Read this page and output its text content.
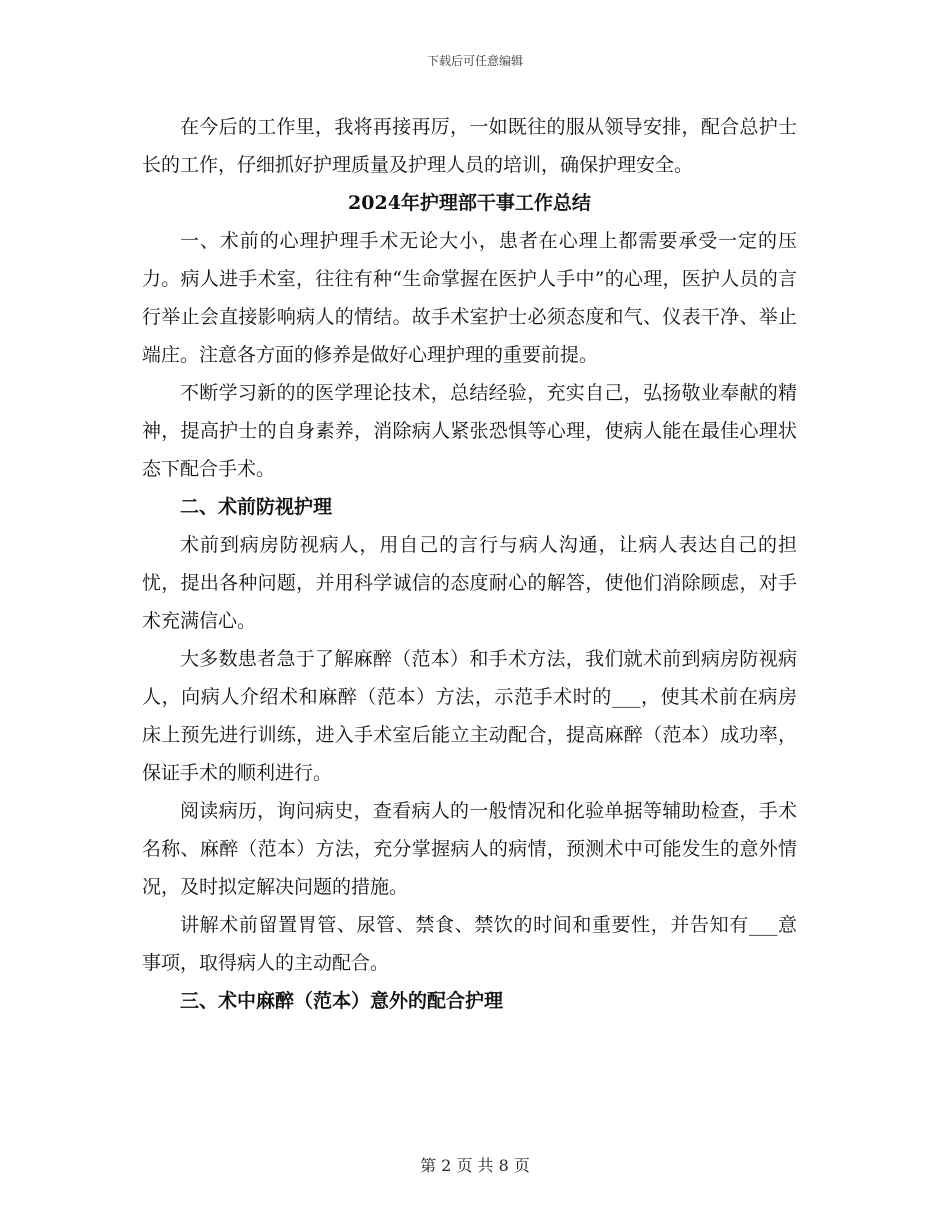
下载后可任意编辑

在今后的工作里，我将再接再厉，一如既往的服从领导安排，配合总护士长的工作，仔细抓好护理质量及护理人员的培训，确保护理安全。

2024年护理部干事工作总结

一、术前的心理护理手术无论大小，患者在心理上都需要承受一定的压力。病人进手术室，往往有种“生命掌握在医护人手中”的心理，医护人员的言行举止会直接影响病人的情结。故手术室护士必须态度和气、仪表干净、举止端庄。注意各方面的修养是做好心理护理的重要前提。

不断学习新的的医学理论技术，总结经验，充实自己，弘扬敬业奉献的精神，提高护士的自身素养，消除病人紧张恐惧等心理，使病人能在最佳心理状态下配合手术。

二、术前防视护理

术前到病房防视病人，用自己的言行与病人沟通，让病人表达自己的担忧，提出各种问题，并用科学诚信的态度耐心的解答，使他们消除顾虑，对手术充满信心。

大多数患者急于了解麻醉（范本）和手术方法，我们就术前到病房防视病人，向病人介绍术和麻醉（范本）方法，示范手术时的___，使其术前在病房床上预先进行训练，进入手术室后能立主动配合，提高麻醉（范本）成功率，保证手术的顺利进行。

阅读病历，询问病史，查看病人的一般情况和化验单据等辅助检查，手术名称、麻醉（范本）方法，充分掌握病人的病情，预测术中可能发生的意外情况，及时拟定解决问题的措施。

讲解术前留置胃管、尿管、禁食、禁饮的时间和重要性，并告知有___意事项，取得病人的主动配合。

三、术中麻醉（范本）意外的配合护理

第 2 页 共 8 页
